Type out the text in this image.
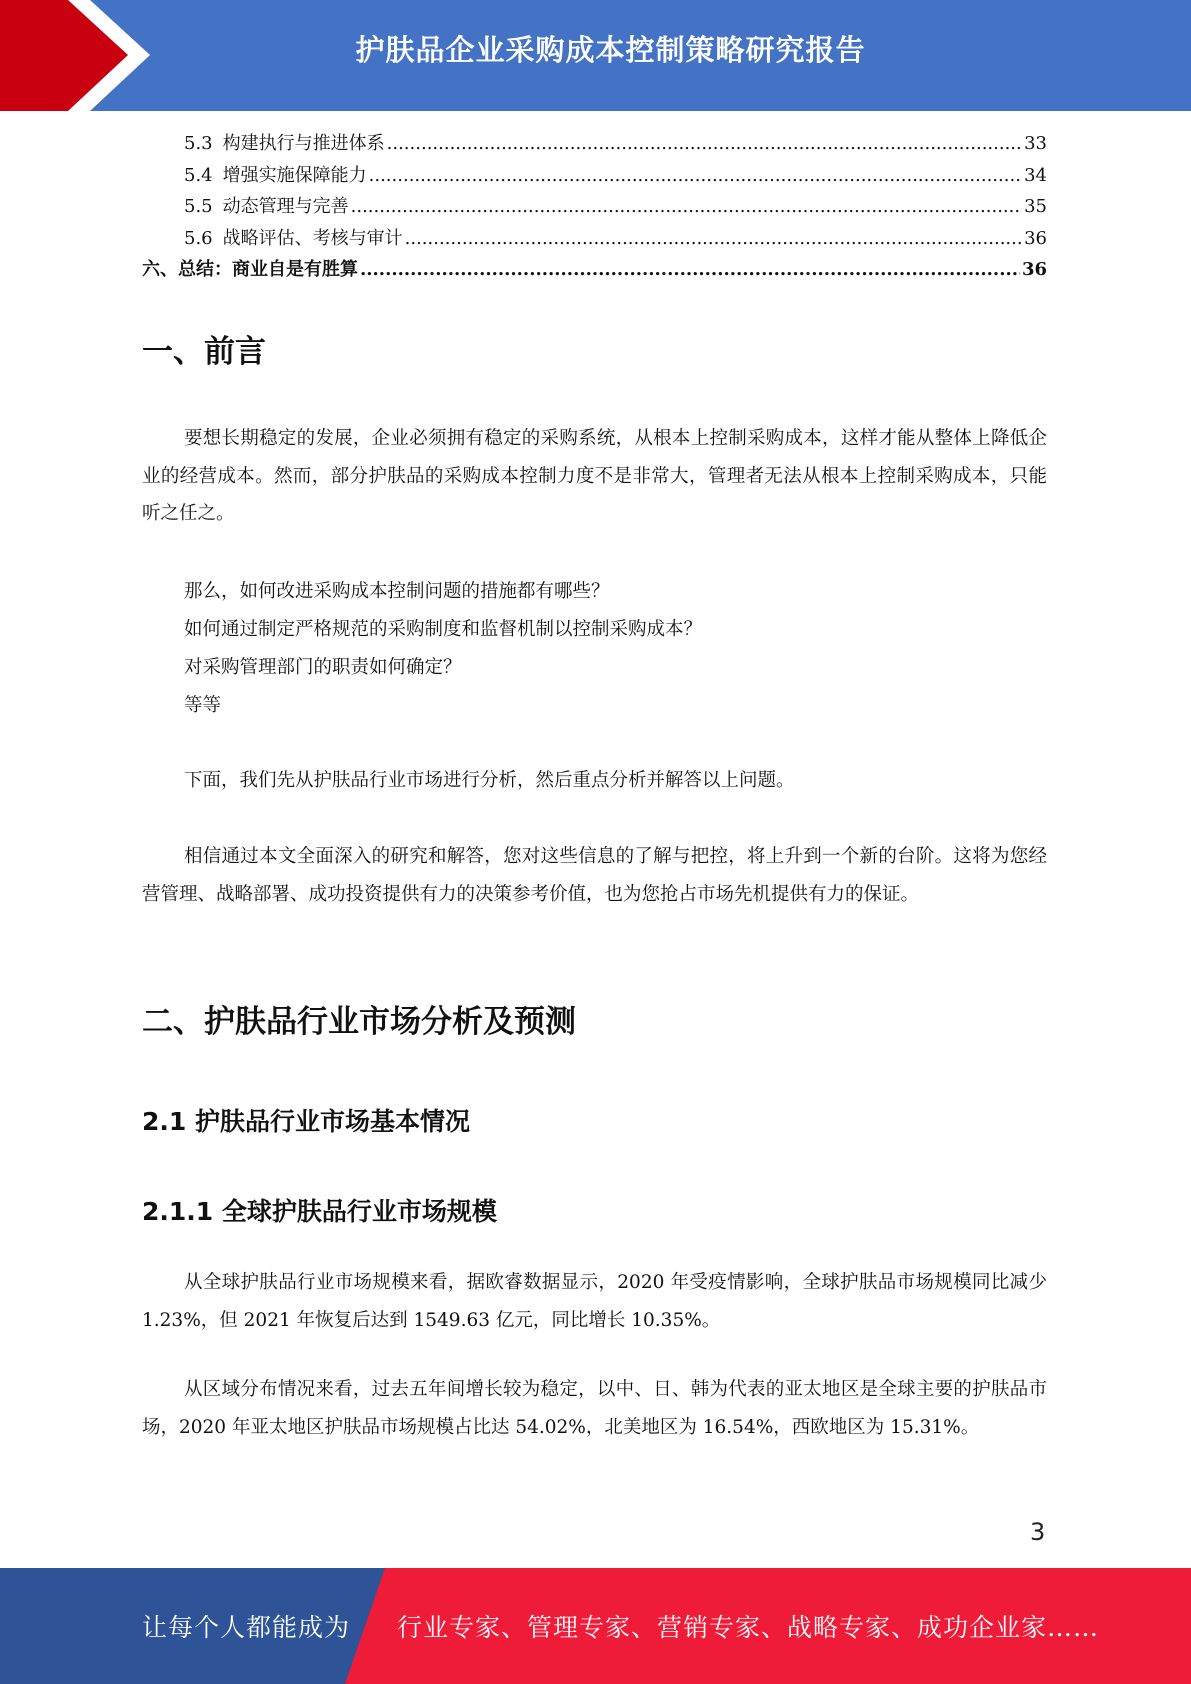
护肤品企业采购成本控制策略研究报告
5.3 构建执行与推进体系 .....	33
5.4 增强实施保障能力 .....	34
5.5 动态管理与完善 .....	35
5.6 战略评估、考核与审计 .....	36
六、总结：商业自是有胜算 .....	36
一、前言

要想长期稳定的发展，企业必须拥有稳定的采购系统，从根本上控制采购成本，这样才能从整体上降低企业的经营成本。然而，部分护肤品的采购成本控制力度不是非常大，管理者无法从根本上控制采购成本，只能听之任之。

那么，如何改进采购成本控制问题的措施都有哪些？
如何通过制定严格规范的采购制度和监督机制以控制采购成本？
对采购管理部门的职责如何确定？
等等

下面，我们先从护肤品行业市场进行分析，然后重点分析并解答以上问题。

相信通过本文全面深入的研究和解答，您对这些信息的了解与把控，将上升到一个新的台阶。这将为您经营管理、战略部署、成功投资提供有力的决策参考价值，也为您抢占市场先机提供有力的保证。

二、护肤品行业市场分析及预测
2.1 护肤品行业市场基本情况
2.1.1 全球护肤品行业市场规模

从全球护肤品行业市场规模来看，据欧睿数据显示，2020 年受疫情影响，全球护肤品市场规模同比减少 1.23%，但 2021 年恢复后达到 1549.63 亿元，同比增长 10.35%。

从区域分布情况来看，过去五年间增长较为稳定，以中、日、韩为代表的亚太地区是全球主要的护肤品市场，2020 年亚太地区护肤品市场规模占比达 54.02%，北美地区为 16.54%，西欧地区为 15.31%。

3
让每个人都能成为 行业专家、管理专家、营销专家、战略专家、成功企业家……
